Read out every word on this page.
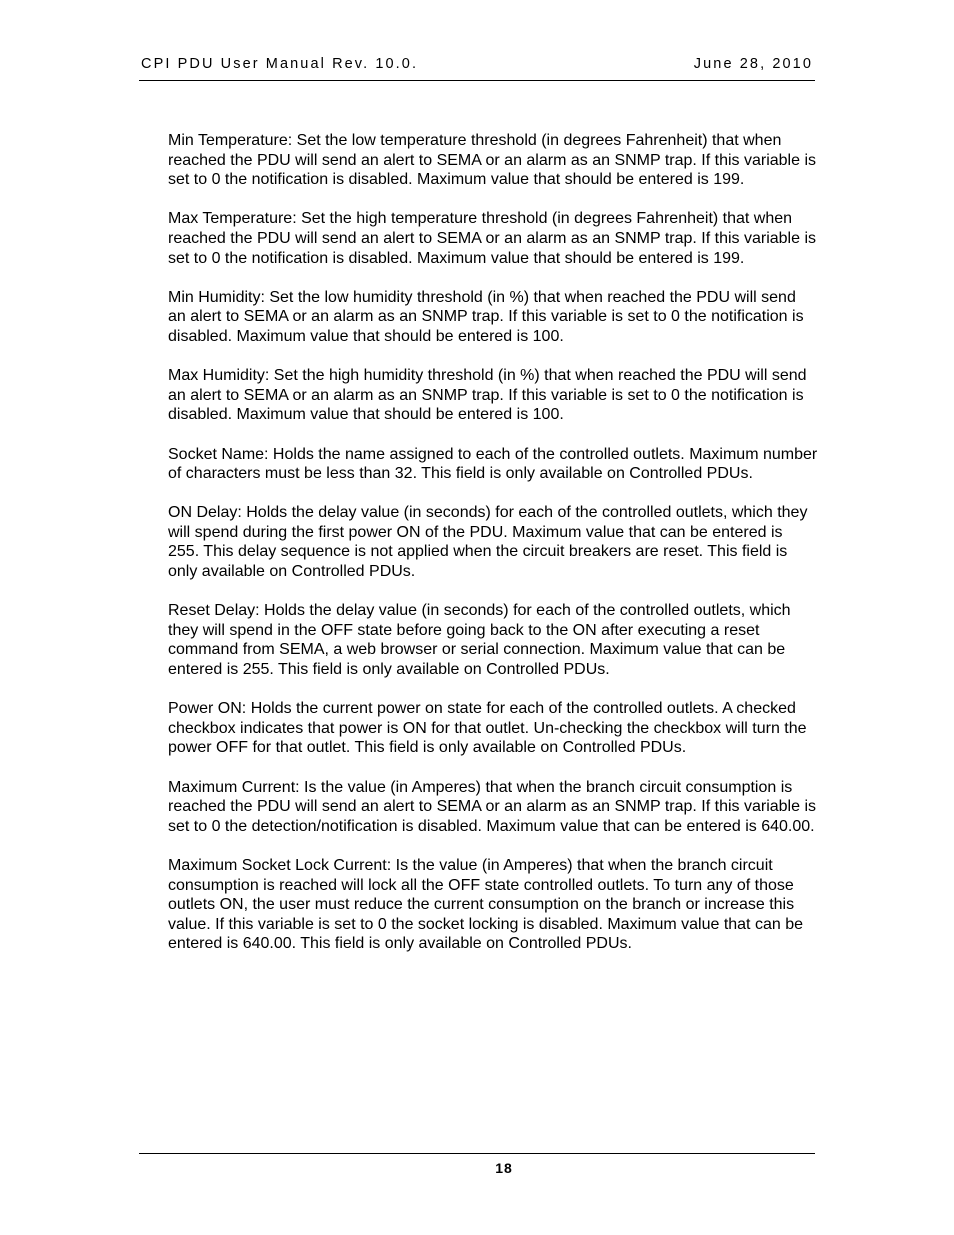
CPI PDU User Manual Rev. 10.0.	June 28, 2010

Min Temperature: Set the low temperature threshold (in degrees Fahrenheit) that when reached the PDU will send an alert to SEMA or an alarm as an SNMP trap. If this variable is set to 0 the notification is disabled. Maximum value that should be entered is 199.

Max Temperature: Set the high temperature threshold (in degrees Fahrenheit) that when reached the PDU will send an alert to SEMA or an alarm as an SNMP trap. If this variable is set to 0 the notification is disabled. Maximum value that should be entered is 199.

Min Humidity: Set the low humidity threshold (in %) that when reached the PDU will send an alert to SEMA or an alarm as an SNMP trap. If this variable is set to 0 the notification is disabled. Maximum value that should be entered is 100.

Max Humidity: Set the high humidity threshold (in %) that when reached the PDU will send an alert to SEMA or an alarm as an SNMP trap. If this variable is set to 0 the notification is disabled. Maximum value that should be entered is 100.

Socket Name: Holds the name assigned to each of the controlled outlets. Maximum number of characters must be less than 32. This field is only available on Controlled PDUs.

ON Delay: Holds the delay value (in seconds) for each of the controlled outlets, which they will spend during the first power ON of the PDU. Maximum value that can be entered is 255. This delay sequence is not applied when the circuit breakers are reset. This field is only available on Controlled PDUs.

Reset Delay: Holds the delay value (in seconds) for each of the controlled outlets, which they will spend in the OFF state before going back to the ON after executing a reset command from SEMA, a web browser or serial connection. Maximum value that can be entered is 255. This field is only available on Controlled PDUs.

Power ON: Holds the current power on state for each of the controlled outlets. A checked checkbox indicates that power is ON for that outlet. Un-checking the checkbox will turn the power OFF for that outlet. This field is only available on Controlled PDUs.

Maximum Current: Is the value (in Amperes) that when the branch circuit consumption is reached the PDU will send an alert to SEMA or an alarm as an SNMP trap. If this variable is set to 0 the detection/notification is disabled. Maximum value that can be entered is 640.00.

Maximum Socket Lock Current: Is the value (in Amperes) that when the branch circuit consumption is reached will lock all the OFF state controlled outlets. To turn any of those outlets ON, the user must reduce the current consumption on the branch or increase this value. If this variable is set to 0 the socket locking is disabled. Maximum value that can be entered is 640.00. This field is only available on Controlled PDUs.

18
